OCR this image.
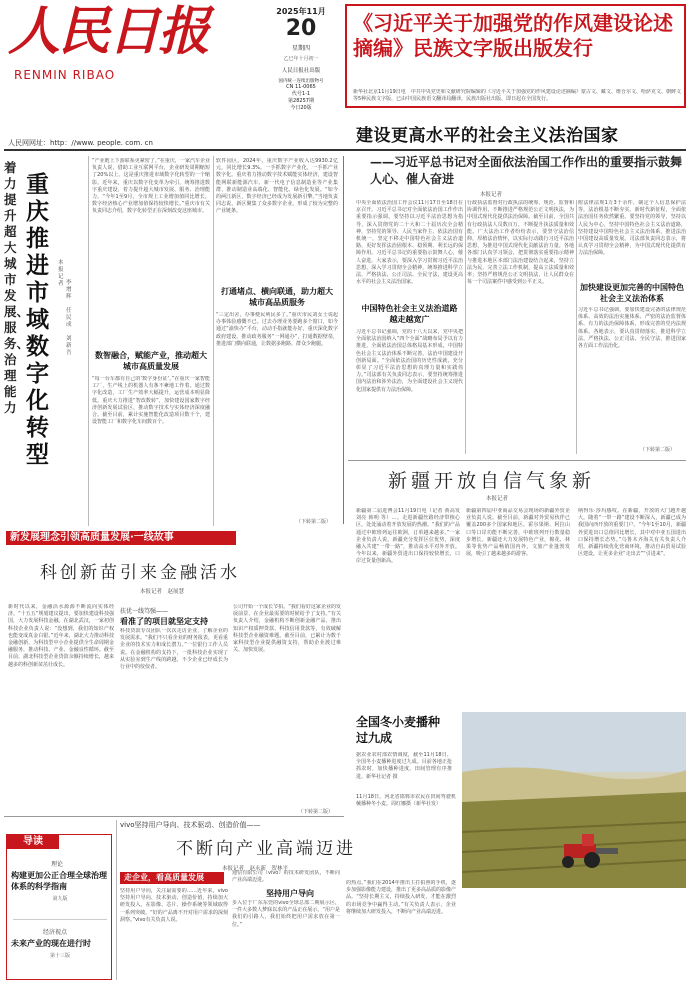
人民日报
RENMIN RIBAO
人民网网址：http：//www. people. com. cn
2025年11月
20
星期四
乙巳年十月初一
人民日报社出版
国内统一连续出版物号
CN 11-0065
代号1-1
第28257期
今日20版
《习近平关于加强党的作风建设论述摘编》民族文字版出版发行
新华社北京11月19日电　中共中央党史和文献研究院编辑的《习近平关于加强党的作风建设论述摘编》蒙古文、藏文、维吾尔文、哈萨克文、朝鲜文等5种民族文字版，已由中国民族语文翻译局翻译，民族出版社出版，即日起在全国发行。
建设更高水平的社会主义法治国家
——习近平总书记对全面依法治国工作作出的重要指示鼓舞人心、催人奋进
本报记者
中央全面依法治国工作会议11月17日至18日在京召开。习近平总书记对全面依法治国工作作出重要指示强调，要坚持以习近平法治思想为指导，深入贯彻党的二十大和二十届历次全会精神，坚持党的领导、人民当家作主、依法治国有机统一，坚定不移走中国特色社会主义法治道路，更好发挥法治固根本、稳预期、利长远的保障作用。习近平总书记的重要指示鼓舞人心，催人奋进。大家表示，要深入学习贯彻习近平法治思想，深入学习贯彻全会精神，统筹推进科学立法、严格执法、公正司法、全民守法，建设更高水平的社会主义法治国家。
中国特色社会主义法治道路越走越宽广
习近平总书记强调，党的十八大以来，党中央把全面依法治国纳入“四个全面”战略布局予以有力推进，全面依法治国总体格局基本形成，中国特色社会主义法治体系不断完善，法治中国建设开创新局面。“全面依法治国的历史性成就，充分彰显了习近平法治思想的真理力量和实践伟力。”司法部有关负责同志表示，要坚持统筹推进国内法治和涉外法治，为全面建设社会主义现代化国家提供有力法治保障。
行政执法监督对行政执法的统筹、规范、监督和协调作用，不断推进严格规范公正文明执法，为中国式现代化提供法治保障。截至目前，全国共有行政执法人员数百万，不断提升执法质量和效能。广大法治工作者纷纷表示，要坚守法治信仰，厚植法治情怀，以实际行动践行习近平法治思想，为推进中国式现代化贡献法治力量。各地各部门认真学习领会，把贯彻落实重要指示精神与推进本地区本部门法治建设结合起来，坚持立法为民，完善立法工作机制，提高立法质量和效率；坚持严格规范公正文明执法，让人民群众在每一个司法案件中感受到公平正义。
附法律法规1万3千余件，制定个人信息保护法等，法治根基不断夯实。新时代新征程，全面依法治国任务依然繁重。要坚持党的领导，坚持以人民为中心，坚持中国特色社会主义法治道路，坚持建设中国特色社会主义法治体系，推进法治中国建设高质量发展。司法部负责同志表示，将认真学习贯彻全会精神，为中国式现代化提供有力法治保障。
加快建设更加完善的中国特色社会主义法治体系
习近平总书记强调，要加快建设完备的法律规范体系、高效的法治实施体系、严密的法治监督体系、有力的法治保障体系，形成完善的党内法规体系。各地表示，要认真贯彻落实，推进科学立法、严格执法、公正司法、全民守法，推进国家各方面工作法治化。
（下转第二版）
重庆推进市域数字化转型
着力提升超大城市发展、服务、治理能力
本报记者 李增辉
任民成
刘新吾
“产业链上下游联系更紧密了。”在重庆，一家汽车企业负责人说，借助工业互联网平台，企业研发周期缩短了20%以上。这是重庆推进市域数字化转型的一个缩影。近年来，重庆以数字化变革为牵引，统筹推进数字重庆建设，着力提升超大城市发展、服务、治理能力。“今年1至9月，全市规上工业增加值同比增长，数字经济核心产业增加值保持较快增长。”重庆市有关负责同志介绍，数字化转型正在深刻改变这座城市。
数智融合，赋能产业，推动超大城市高质量发展
“每一台车都有自己的‘数字身份证’。”在重庆一家智能工厂，生产线上的机器人有条不紊地工作着。通过数字化改造，工厂生产效率大幅提升，运营成本明显降低。重庆大力推进“智改数转”，加快建设国家数字经济创新发展试验区，推动数字技术与实体经济深度融合。截至目前，累计实施智能化改造项目数千个，建设智能工厂和数字化车间数百个。
软件园区。2024年，重庆数字产业收入达9930.2亿元，同比增长9.3%。一手抓数字产业化，一手抓产业数字化。重庆着力推动数字技术赋能实体经济，建设智能网联新能源汽车、新一代电子信息制造业等产业集群，推动制造业高端化、智能化、绿色化发展。“如今的两江新区，数字经济已经成为发展新引擎。”当地负责同志说，新区聚集了众多数字企业，形成了较为完整的产业链条。
打通堵点、横向联通，助力超大城市高品质服务
“三定出舍，办事便民利民多了。”重庆市民刘女士说起办事体验感慨不已。过去办理业务要跑多个窗口，如今通过“渝快办”平台，动动手指就能办好。重庆深化数字政府建设，推动政务服务“一网通办”，打通数据壁垒，推进部门横向联通，让数据多跑路、群众少跑腿。
（下转第二版）
新疆开放自信气象新
本报记者
新疆第二届进博会11月19日电（记者 黄高发 刘亮 韩明 等）…。走进新疆丝路经济带核心区，处处涌动着开放发展的热潮。“我们的产品通过中欧班列运往欧洲，订单越来越多。”一家企业负责人说。新疆充分发挥区位优势，深度融入共建“一带一路”，推动高水平对外开放。今年以来，新疆外贸进出口保持较快增长，口岸过货量创新高。
新疆第四届中亚商品交易会现场的新疆外贸企业负责人说。截至目前，新疆对外贸易伙伴已覆盖200多个国家和地区。霍尔果斯、阿拉山口等口岸功能不断完善，中欧班列开行数量稳步增长。新疆还大力发展特色产业，棉花、林果等优势产品畅销国内外，文旅产业蓬勃发展，吸引了越来越多的游客。
纳得乐·莎玛感叹。在新疆，开放的大门越开越大。随着“一带一路”建设不断深入，新疆已成为我国向西开放的重要门户。“今年1至10月，新疆外贸进出口总值同比增长，其中对中亚五国进出口保持增长态势。”乌鲁木齐海关有关负责人介绍。新疆持续优化营商环境，推动自由贸易试验区建设，让更多企业“走出去”“引进来”。
新发展理念引领高质量发展·一线故事
科创新苗引来金融活水
本报记者　赵展慧
新时代以来，金融活水源源不断流向实体经济。“十五五”规划建议提出，要加快建设科技强国，大力发展科技金融。在湖北武汉，一家初创科技企业负责人说：“没想到，我们的知识产权也能变成真金白银。”近年来，湖北大力推动科技金融创新，为科技型中小企业提供全生命周期金融服务，推动科技、产业、金融良性循环。截至目前，湖北科技型企业贷款余额持续增长，越来越多的科创新苗茁壮成长。
扶优一线笃强——
看准了的项目就坚定支持
科技贷款专员团队一次次走访企业，了解企业的发展需求。“我们不只看企业的财务报表，更看重企业的技术实力和成长潜力。”一位银行工作人员说。在金融机构的支持下，一批科技企业实现了从实验室到生产线的跨越，不少企业已经成长为行业中的佼佼者。
公司开始一个成长节拍。“我们看好这家企业的发展前景，在企业最需要的时候给予了支持。”有关负责人介绍，金融机构不断创新金融产品，推出知识产权质押贷款、科技信用贷款等，有效破解科技型企业融资难题。截至目前，已累计为数千家科技型企业提供融资支持，帮助企业渡过难关、加快发展。
（下转第二版）
全国冬小麦播种过九成
据农业农村部农情调度，截至11月18日，全国冬小麦播种进度过九成。目前各地正抢抓农时，加快播种进度。田间管理有序推进。新华社记者 摄
11月18日，河北省邯郸市农民在田间驾驶机械播种冬小麦。周红娜摄（新华社发）
vivo坚持用户导向、技术驱动、创造价值——
不断向产业高端迈进
本报记者　赵永新　贺林平
走企业，看高质量发展
坚持用户导向，关注最需要的……近年来，vivo坚持用户导向、技术驱动、创造价值，持续加大研发投入，在影像、芯片、操作系统等领域取得一系列突破。“好的产品离不开对用户需求的深刻洞察。”vivo有关负责人说。
通信有限公司（vivo）的技术研发团队，不断向产业高端迈进。
坚持用户导向
步入位于广东东莞的vivo全球总部二期展示区，一件大多数人梦寐以求的产品正在展示。“用户是我们的引路人，我们始终把用户需求放在第一位。”
的热点。”我们在2014年推出主打拍照的手机，逐步加强影像能力建设，推出了更多高品质的影像产品。“坚持长期主义，持续投入研发，才能在激烈的市场竞争中赢得主动。”有关负责人表示，企业将继续加大研发投入，不断向产业高端迈进。
导读
理论
构建更加公正合理全球治理体系的科学指南
第九版
经济视点
未来产业的现在进行时
第十三版
